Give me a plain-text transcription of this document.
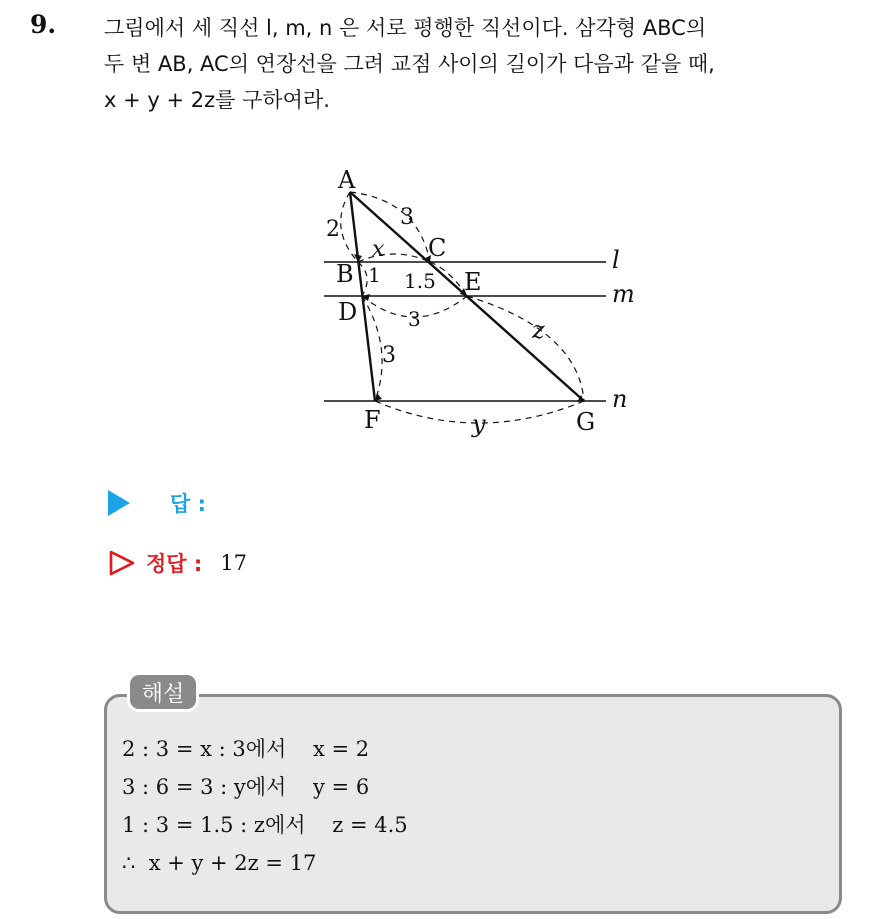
9. 그림에서 세 직선 l, m, n 은 서로 평행한 직선이다. 삼각형 ABC의

두 변 AB, AC의 연장선을 그려 교점 사이의 길이가 다음과 같을 때,

x + y + 2z를 구하여라.

A
B
C
D
E
F	G
l
m
n
2	3
x
1 1.5
3
3
z
y
답 :
정답 : 17
해설
2 : 3 = x : 3에서    x = 2
3 : 6 = 3 : y에서    y = 6
1 : 3 = 1.5 : z에서    z = 4.5
∴  x + y + 2z = 17
